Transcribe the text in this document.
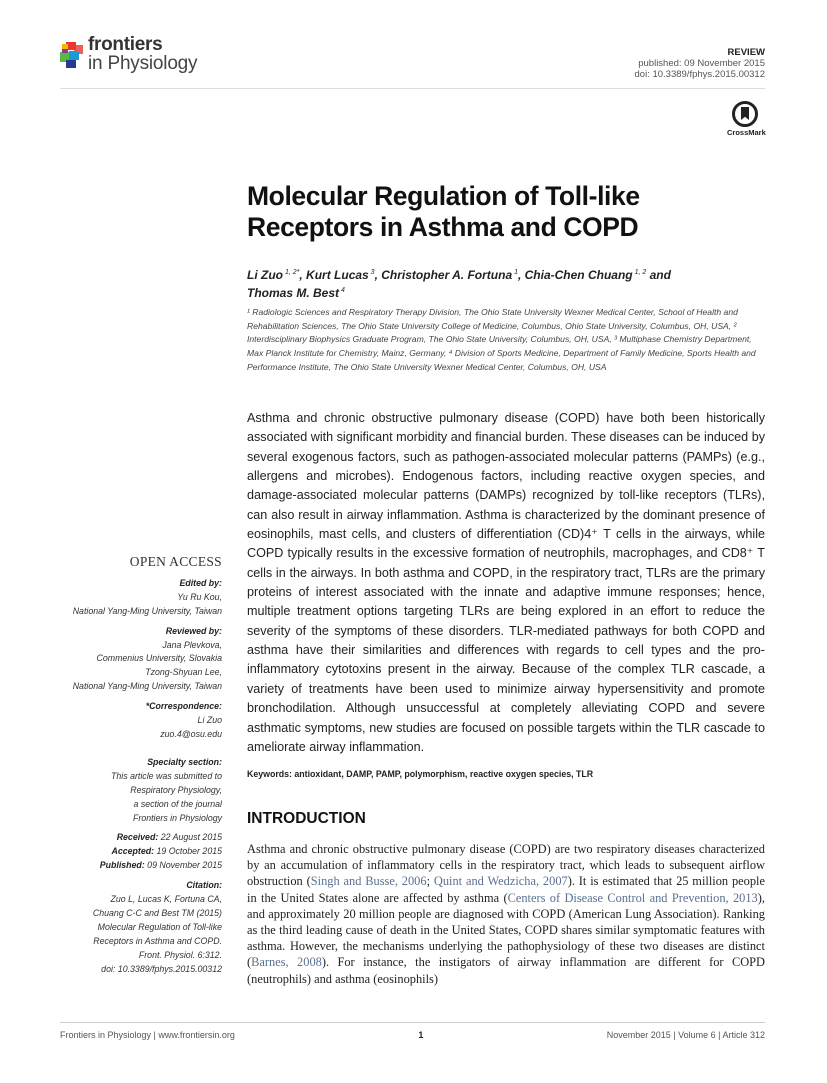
frontiers
in Physiology
REVIEW
published: 09 November 2015
doi: 10.3389/fphys.2015.00312
CrossMark
Molecular Regulation of Toll-like
Receptors in Asthma and COPD
Li Zuo $^{1, 2*}$, Kurt Lucas $^3$, Christopher A. Fortuna $^1$, Chia-Chen Chuang $^{1, 2}$ and
Thomas M. Best $^4$
¹ Radiologic Sciences and Respiratory Therapy Division, The Ohio State University Wexner Medical Center, School of Health and Rehabilitation Sciences, The Ohio State University College of Medicine, Columbus, Ohio State University, Columbus, OH, USA, ² Interdisciplinary Biophysics Graduate Program, The Ohio State University, Columbus, OH, USA, ³ Multiphase Chemistry Department, Max Planck Institute for Chemistry, Mainz, Germany, ⁴ Division of Sports Medicine, Department of Family Medicine, Sports Health and Performance Institute, The Ohio State University Wexner Medical Center, Columbus, OH, USA
Asthma and chronic obstructive pulmonary disease (COPD) have both been historically associated with significant morbidity and financial burden. These diseases can be induced by several exogenous factors, such as pathogen-associated molecular patterns (PAMPs) (e.g., allergens and microbes). Endogenous factors, including reactive oxygen species, and damage-associated molecular patterns (DAMPs) recognized by toll-like receptors (TLRs), can also result in airway inflammation. Asthma is characterized by the dominant presence of eosinophils, mast cells, and clusters of differentiation (CD)4⁺ T cells in the airways, while COPD typically results in the excessive formation of neutrophils, macrophages, and CD8⁺ T cells in the airways. In both asthma and COPD, in the respiratory tract, TLRs are the primary proteins of interest associated with the innate and adaptive immune responses; hence, multiple treatment options targeting TLRs are being explored in an effort to reduce the severity of the symptoms of these disorders. TLR-mediated pathways for both COPD and asthma have their similarities and differences with regards to cell types and the pro-inflammatory cytotoxins present in the airway. Because of the complex TLR cascade, a variety of treatments have been used to minimize airway hypersensitivity and promote bronchodilation. Although unsuccessful at completely alleviating COPD and severe asthmatic symptoms, new studies are focused on possible targets within the TLR cascade to ameliorate airway inflammation.
Keywords: antioxidant, DAMP, PAMP, polymorphism, reactive oxygen species, TLR
INTRODUCTION
Asthma and chronic obstructive pulmonary disease (COPD) are two respiratory diseases characterized by an accumulation of inflammatory cells in the respiratory tract, which leads to subsequent airflow obstruction (Singh and Busse, 2006; Quint and Wedzicha, 2007). It is estimated that 25 million people in the United States alone are affected by asthma (Centers of Disease Control and Prevention, 2013), and approximately 20 million people are diagnosed with COPD (American Lung Association). Ranking as the third leading cause of death in the United States, COPD shares similar symptomatic features with asthma. However, the mechanisms underlying the pathophysiology of these two diseases are distinct (Barnes, 2008). For instance, the instigators of airway inflammation are different for COPD (neutrophils) and asthma (eosinophils)
OPEN ACCESS
Edited by:
Yu Ru Kou,
National Yang-Ming University, Taiwan
Reviewed by:
Jana Plevkova,
Commenius University, Slovakia
Tzong-Shyuan Lee,
National Yang-Ming University, Taiwan
*Correspondence:
Li Zuo
zuo.4@osu.edu
Specialty section:
This article was submitted to
Respiratory Physiology,
a section of the journal
Frontiers in Physiology
Received: 22 August 2015
Accepted: 19 October 2015
Published: 09 November 2015
Citation:
Zuo L, Lucas K, Fortuna CA,
Chuang C-C and Best TM (2015)
Molecular Regulation of Toll-like
Receptors in Asthma and COPD.
Front. Physiol. 6:312.
doi: 10.3389/fphys.2015.00312
Frontiers in Physiology | www.frontiersin.org	1	November 2015 | Volume 6 | Article 312
